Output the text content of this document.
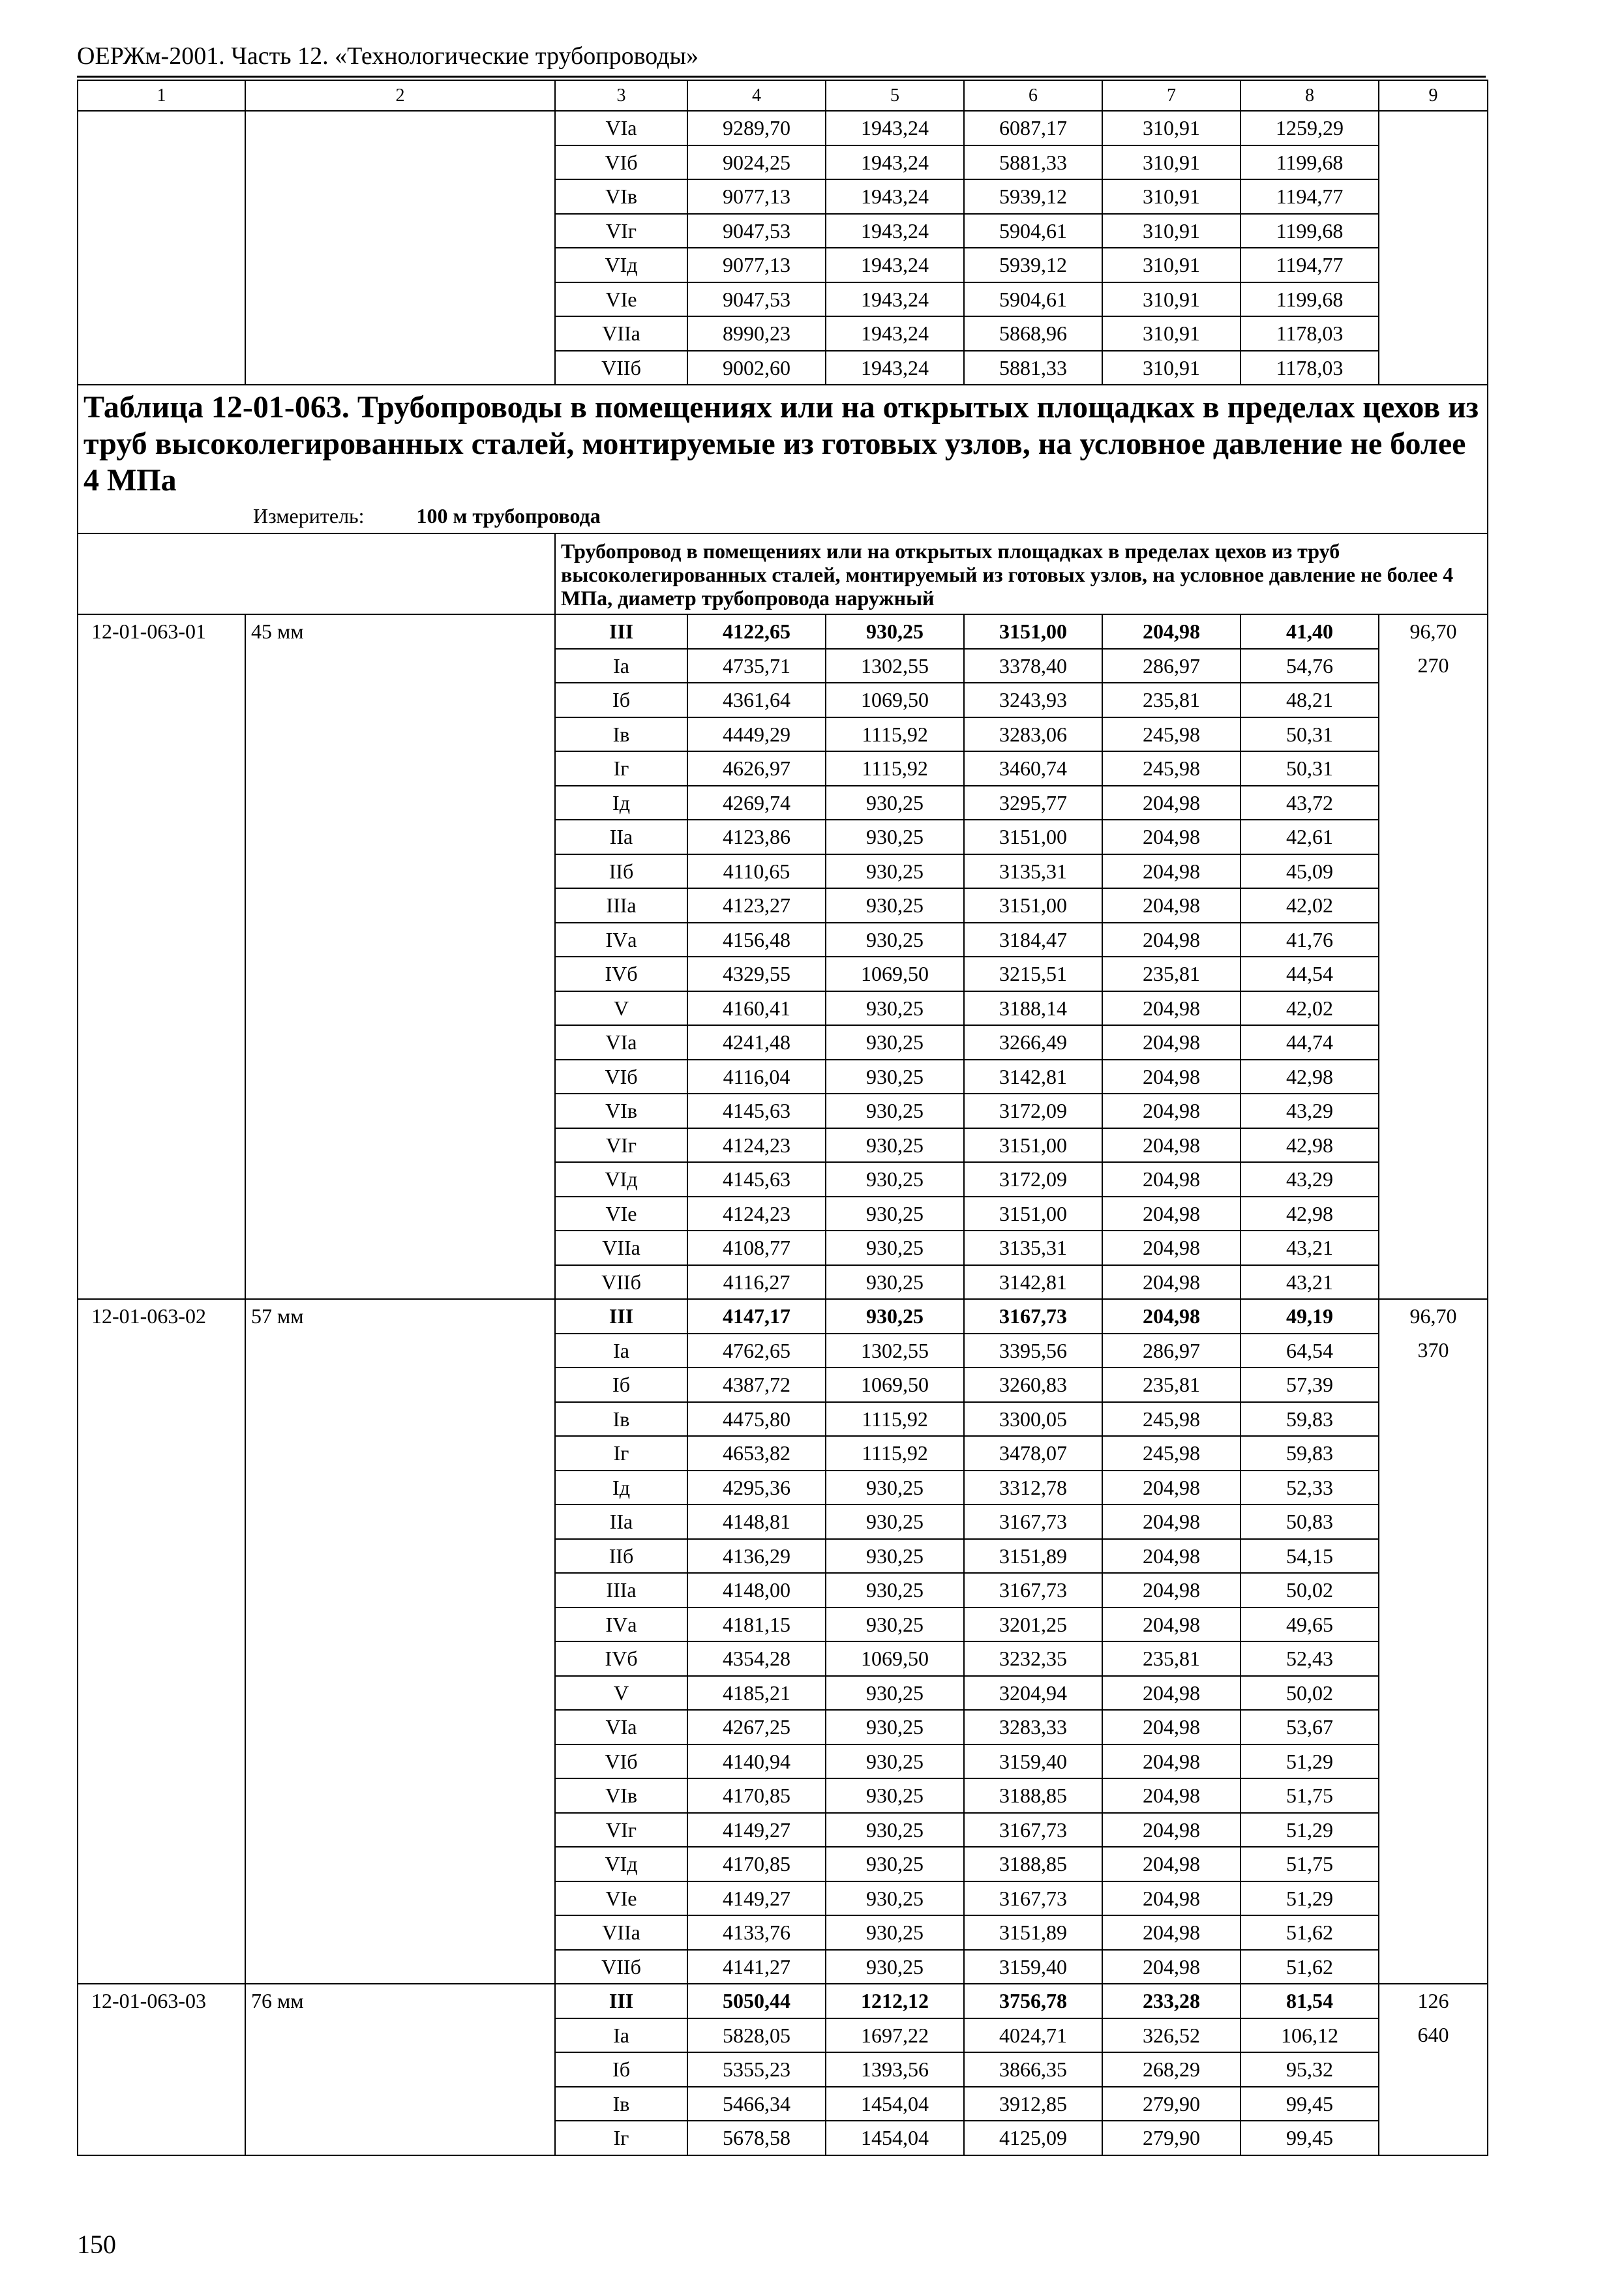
ОЕРЖм-2001. Часть 12. «Технологические трубопроводы»
1	2	3	4	5	6	7	8	9
		VIа	9289,70	1943,24	6087,17	310,91	1259,29	
		VIб	9024,25	1943,24	5881,33	310,91	1199,68	
		VIв	9077,13	1943,24	5939,12	310,91	1194,77	
		VIг	9047,53	1943,24	5904,61	310,91	1199,68	
		VIд	9077,13	1943,24	5939,12	310,91	1194,77	
		VIе	9047,53	1943,24	5904,61	310,91	1199,68	
		VIIа	8990,23	1943,24	5868,96	310,91	1178,03	
		VIIб	9002,60	1943,24	5881,33	310,91	1178,03	

Таблица 12-01-063. Трубопроводы в помещениях или на открытых площадках в пределах цехов из труб высоколегированных сталей, монтируемые из готовых узлов, на условное давление не более 4 МПа
Измеритель: 100 м трубопровода								

		Трубопровод в помещениях или на открытых площадках в пределах цехов из труб высоколегированных сталей, монтируемый из готовых узлов, на условное давление не более 4 МПа, диаметр трубопровода наружный						
12-01-063-01	45 мм	III	4122,65	930,25	3151,00	204,98	41,40	96,70
		Iа	4735,71	1302,55	3378,40	286,97	54,76	270
		Iб	4361,64	1069,50	3243,93	235,81	48,21	
		Iв	4449,29	1115,92	3283,06	245,98	50,31	
		Iг	4626,97	1115,92	3460,74	245,98	50,31	
		Iд	4269,74	930,25	3295,77	204,98	43,72	
		IIа	4123,86	930,25	3151,00	204,98	42,61	
		IIб	4110,65	930,25	3135,31	204,98	45,09	
		IIIа	4123,27	930,25	3151,00	204,98	42,02	
		IVа	4156,48	930,25	3184,47	204,98	41,76	
		IVб	4329,55	1069,50	3215,51	235,81	44,54	
		V	4160,41	930,25	3188,14	204,98	42,02	
		VIа	4241,48	930,25	3266,49	204,98	44,74	
		VIб	4116,04	930,25	3142,81	204,98	42,98	
		VIв	4145,63	930,25	3172,09	204,98	43,29	
		VIг	4124,23	930,25	3151,00	204,98	42,98	
		VIд	4145,63	930,25	3172,09	204,98	43,29	
		VIе	4124,23	930,25	3151,00	204,98	42,98	
		VIIа	4108,77	930,25	3135,31	204,98	43,21	
		VIIб	4116,27	930,25	3142,81	204,98	43,21	
12-01-063-02	57 мм	III	4147,17	930,25	3167,73	204,98	49,19	96,70
		Iа	4762,65	1302,55	3395,56	286,97	64,54	370
		Iб	4387,72	1069,50	3260,83	235,81	57,39	
		Iв	4475,80	1115,92	3300,05	245,98	59,83	
		Iг	4653,82	1115,92	3478,07	245,98	59,83	
		Iд	4295,36	930,25	3312,78	204,98	52,33	
		IIа	4148,81	930,25	3167,73	204,98	50,83	
		IIб	4136,29	930,25	3151,89	204,98	54,15	
		IIIа	4148,00	930,25	3167,73	204,98	50,02	
		IVа	4181,15	930,25	3201,25	204,98	49,65	
		IVб	4354,28	1069,50	3232,35	235,81	52,43	
		V	4185,21	930,25	3204,94	204,98	50,02	
		VIа	4267,25	930,25	3283,33	204,98	53,67	
		VIб	4140,94	930,25	3159,40	204,98	51,29	
		VIв	4170,85	930,25	3188,85	204,98	51,75	
		VIг	4149,27	930,25	3167,73	204,98	51,29	
		VIд	4170,85	930,25	3188,85	204,98	51,75	
		VIе	4149,27	930,25	3167,73	204,98	51,29	
		VIIа	4133,76	930,25	3151,89	204,98	51,62	
		VIIб	4141,27	930,25	3159,40	204,98	51,62	
12-01-063-03	76 мм	III	5050,44	1212,12	3756,78	233,28	81,54	126
		Iа	5828,05	1697,22	4024,71	326,52	106,12	640
		Iб	5355,23	1393,56	3866,35	268,29	95,32	
		Iв	5466,34	1454,04	3912,85	279,90	99,45	
		Iг	5678,58	1454,04	4125,09	279,90	99,45	
150
